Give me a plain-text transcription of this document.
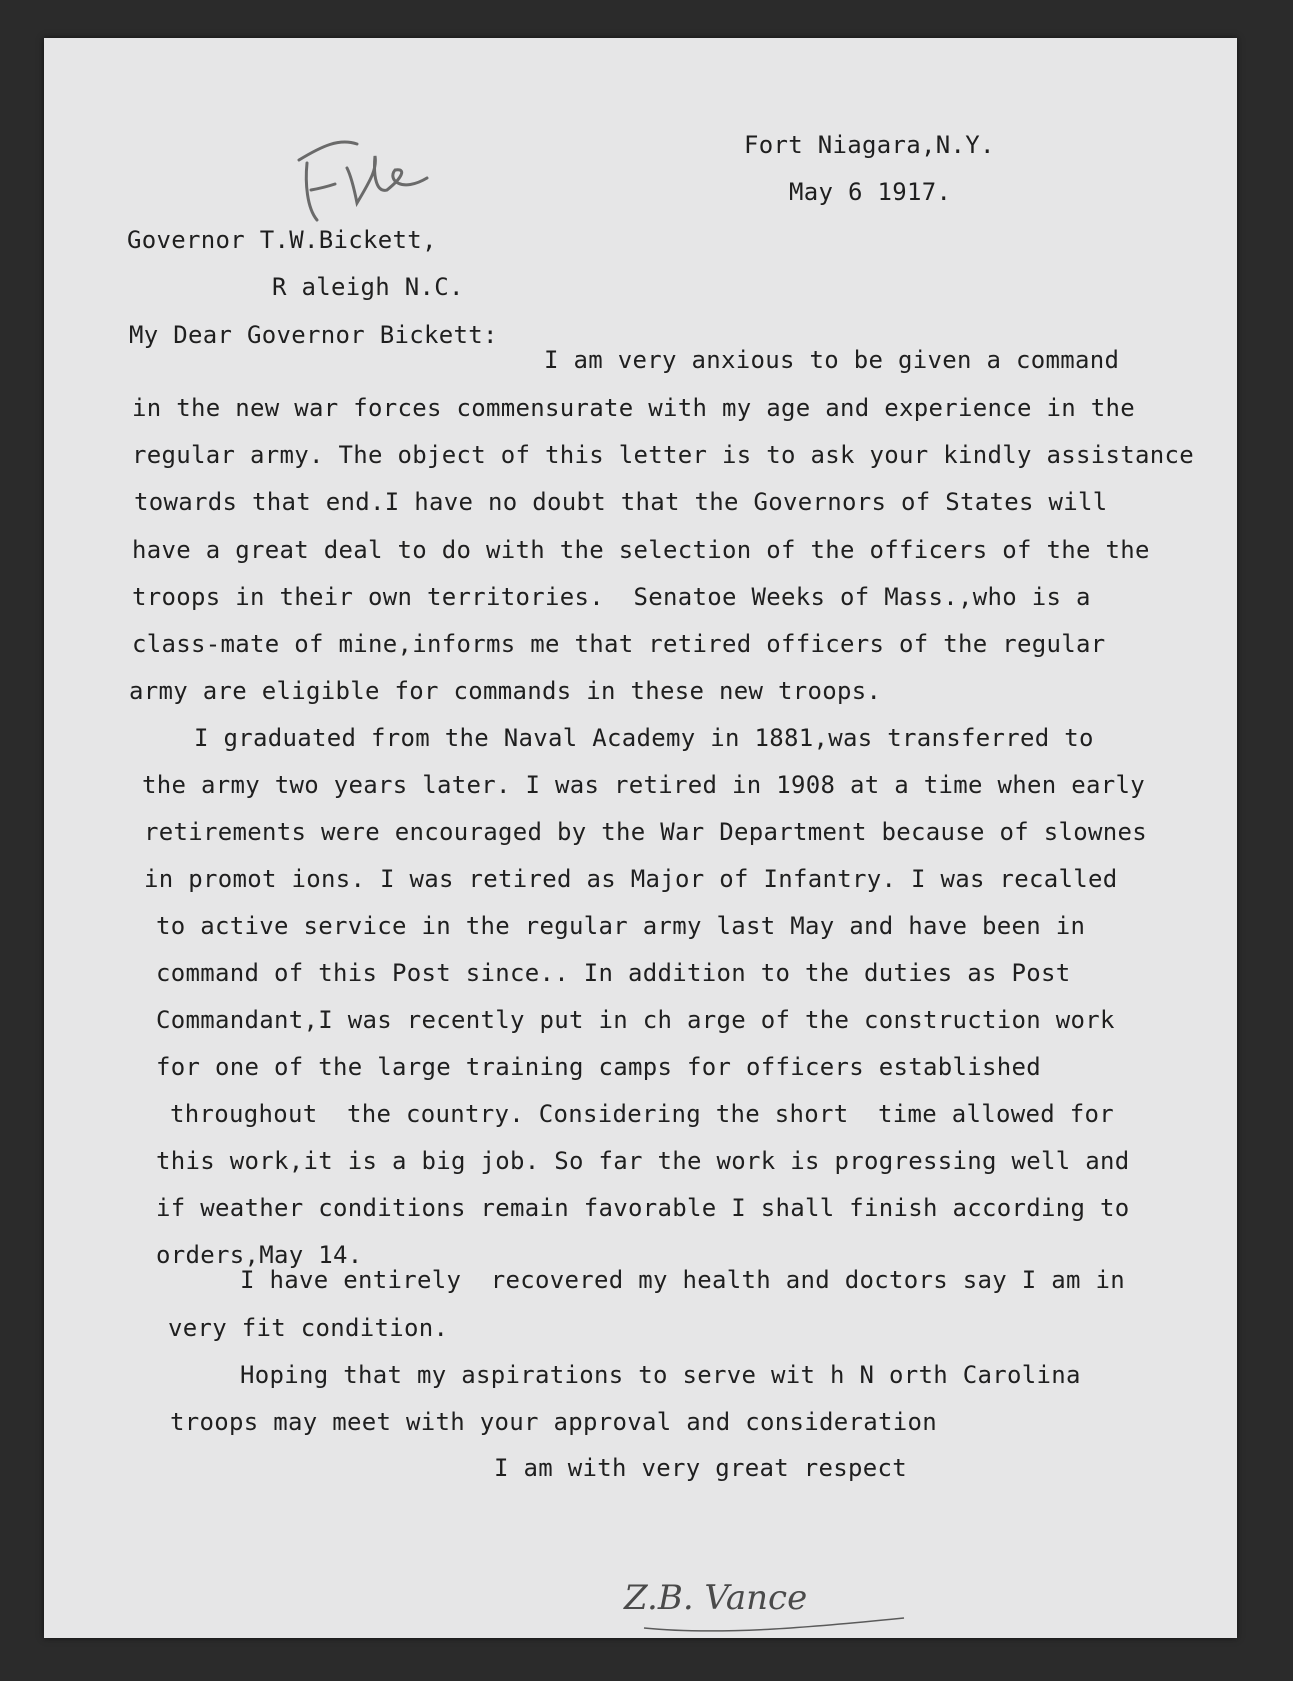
Fort Niagara,N.Y.
May 6 1917.
Governor T.W.Bickett,
R aleigh N.C.
My Dear Governor Bickett:
I am very anxious to be given a command
in the new war forces commensurate with my age and experience in the
regular army. The object of this letter is to ask your kindly assistance
towards that end.I have no doubt that the Governors of States will
have a great deal to do with the selection of the officers of the the
troops in their own territories.  Senatoe Weeks of Mass.,who is a
class-mate of mine,informs me that retired officers of the regular
army are eligible for commands in these new troops.
I graduated from the Naval Academy in 1881,was transferred to
the army two years later. I was retired in 1908 at a time when early
retirements were encouraged by the War Department because of slownes
in promot ions. I was retired as Major of Infantry. I was recalled
to active service in the regular army last May and have been in
command of this Post since.. In addition to the duties as Post
Commandant,I was recently put in ch arge of the construction work
for one of the large training camps for officers established
throughout  the country. Considering the short  time allowed for
this work,it is a big job. So far the work is progressing well and
if weather conditions remain favorable I shall finish according to
orders,May 14.
I have entirely  recovered my health and doctors say I am in
very fit condition.
Hoping that my aspirations to serve wit h N orth Carolina
troops may meet with your approval and consideration
I am with very great respect
Z.B. Vance
